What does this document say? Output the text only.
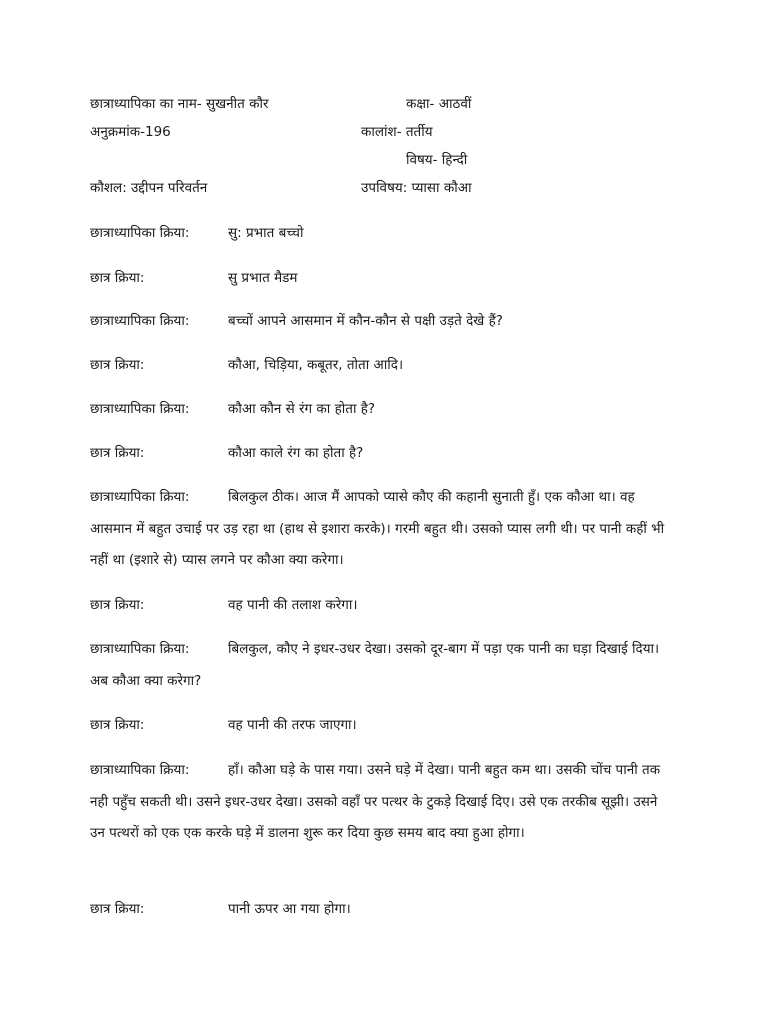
छात्राध्यापिका का नाम- सुखनीत कौर	कक्षा- आठवीं
अनुक्रमांक-196	कालांश- तर्तीय
विषय- हिन्दी
कौशल: उद्दीपन परिवर्तन	उपविषय: प्यासा कौआ
छात्राध्यापिका क्रिया:	सु: प्रभात बच्चो
छात्र क्रिया:	सु प्रभात मैडम
छात्राध्यापिका क्रिया:	बच्चों आपने आसमान में कौन-कौन से पक्षी उड़ते देखे हैं?
छात्र क्रिया:	कौआ, चिड़िया, कबूतर, तोता आदि।
छात्राध्यापिका क्रिया:	कौआ कौन से रंग का होता है?
छात्र क्रिया:	कौआ काले रंग का होता है?
छात्राध्यापिका क्रिया:	बिलकुल ठीक। आज मैं आपको प्यासे कौए की कहानी सुनाती हुँ। एक कौआ था। वह आसमान में बहुत उचाई पर उड़ रहा था (हाथ से इशारा करके)। गरमी बहुत थी। उसको प्यास लगी थी। पर पानी कहीं भी नहीं था (इशारे से) प्यास लगने पर कौआ क्या करेगा।
छात्र क्रिया:	वह पानी की तलाश करेगा।
छात्राध्यापिका क्रिया:	बिलकुल, कौए ने इधर-उधर देखा। उसको दूर-बाग में पड़ा एक पानी का घड़ा दिखाई दिया। अब कौआ क्या करेगा?
छात्र क्रिया:	वह पानी की तरफ जाएगा।
छात्राध्यापिका क्रिया:	हाँ। कौआ घड़े के पास गया। उसने घड़े में देखा। पानी बहुत कम था। उसकी चोंच पानी तक नही पहुँच सकती थी। उसने इधर-उधर देखा। उसको वहाँ पर पत्थर के टुकड़े दिखाई दिए। उसे एक तरकीब सूझी। उसने उन पत्थरों को एक एक करके घड़े में डालना शुरू कर दिया कुछ समय बाद क्या हुआ होगा।
छात्र क्रिया:	पानी ऊपर आ गया होगा।
